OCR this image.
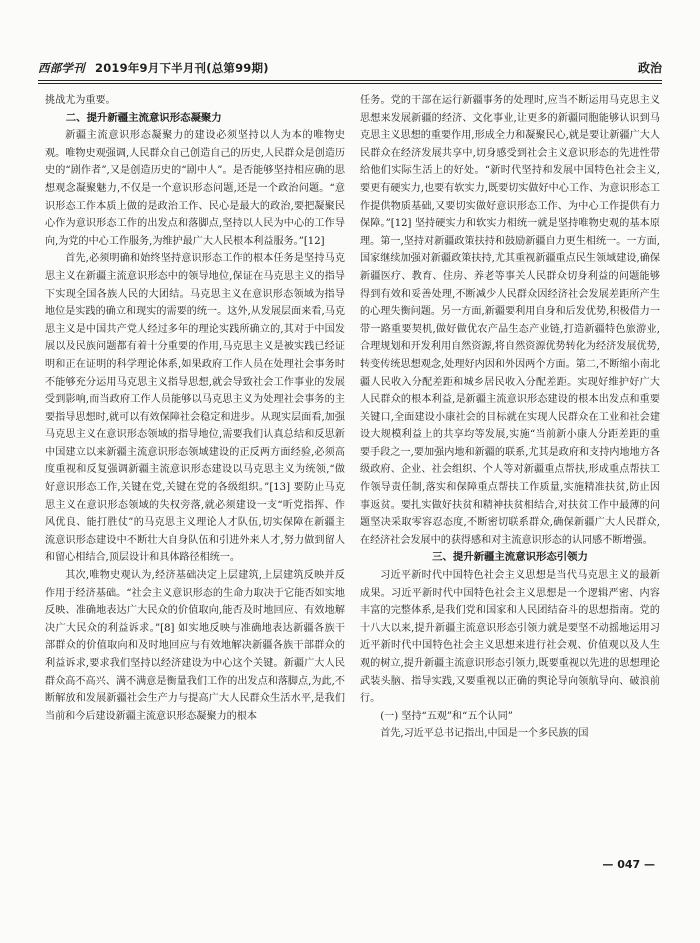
西部学刊 2019年9月下半月刊(总第99期)	政治

挑战尤为重要。

二、提升新疆主流意识形态凝聚力

新疆主流意识形态凝聚力的建设必须坚持以人为本的唯物史观。唯物史观强调,人民群众自己创造自己的历史,人民群众是创造历史的“剧作者”,又是创造历史的“剧中人”。是否能够坚持相应确的思想观念凝聚魅力,不仅是一个意识形态问题,还是一个政治问题。“意识形态工作本质上做的是政治工作、民心是最大的政治,要把凝聚民心作为意识形态工作的出发点和落脚点,坚持以人民为中心的工作导向,为党的中心工作服务,为维护最广大人民根本利益服务。”[12]

首先,必须明确和始终坚持意识形态工作的根本任务是坚持马克思主义在新疆主流意识形态中的领导地位,保证在马克思主义的指导下实现全国各族人民的大团结。马克思主义在意识形态领域为指导地位是实践的确立和现实的需要的统一。这外,从发展层面来看,马克思主义是中国共产党人经过多年的理论实践所确立的,其对于中国发展以及民族问题都有着十分重要的作用,马克思主义是被实践已经证明和正在证明的科学理论体系,如果政府工作人员在处理社会事务时不能够充分运用马克思主义指导思想,就会导致社会工作事业的发展受到影响,而当政府工作人员能够以马克思主义为处理社会事务的主要指导思想时,就可以有效保障社会稳定和进步。从现实层面看,加强马克思主义在意识形态领域的指导地位,需要我们认真总结和反思新中国建立以来新疆主流意识形态领域建设的正反两方面经验,必须高度重视和反复强调新疆主流意识形态建设以马克思主义为统领,“做好意识形态工作,关键在党,关键在党的各级组织。”[13] 要防止马克思主义在意识形态领域的失权旁落,就必须建设一支“听党指挥、作风优良、能打胜仗”的马克思主义理论人才队伍,切实保障在新疆主流意识形态建设中不断壮大自身队伍和引进外来人才,努力做到留人和留心相结合,顶层设计和具体路径相统一。

其次,唯物史观认为,经济基础决定上层建筑,上层建筑反映并反作用于经济基础。“社会主义意识形态的生命力取决于它能否如实地反映、准确地表达广大民众的价值取向,能否及时地回应、有效地解决广大民众的利益诉求。”[8] 如实地反映与准确地表达新疆各族干部群众的价值取向和及时地回应与有效地解决新疆各族干部群众的利益诉求,要求我们坚持以经济建设为中心这个关键。新疆广大人民群众高不高兴、满不满意是衡量我们工作的出发点和落脚点,为此,不断解放和发展新疆社会生产力与提高广大人民群众生活水平,是我们当前和今后建设新疆主流意识形态凝聚力的根本

任务。党的干部在运行新疆事务的处理时,应当不断运用马克思主义思想来发展新疆的经济、文化事业,让更多的新疆同胞能够认识到马克思主义思想的重要作用,形成全力和凝聚民心,就是要让新疆广大人民群众在经济发展共享中,切身感受到社会主义意识形态的先进性带给他们实际生活上的好处。“新时代坚持和发展中国特色社会主义,要更有硬实力,也要有软实力,既要切实做好中心工作、为意识形态工作提供物质基础,又要切实做好意识形态工作、为中心工作提供有力保障。”[12] 坚持硬实力和软实力相统一就是坚持唯物史观的基本原理。第一,坚持对新疆政策扶持和鼓励新疆自力更生相统一。一方面,国家继续加强对新疆政策扶持,尤其重视新疆重点民生领域建设,确保新疆医疗、教育、住房、养老等事关人民群众切身利益的问题能够得到有效和妥善处理,不断减少人民群众因经济社会发展差距所产生的心理失衡问题。另一方面,新疆要利用自身和后发优势,积极借力一带一路重要契机,做好做优农产品生态产业链,打造新疆特色旅游业,合理规划和开发利用自然资源,将自然资源优势转化为经济发展优势,转变传统思想观念,处理好内因和外因两个方面。第二,不断缩小南北疆人民收入分配差距和城乡居民收入分配差距。实现好维护好广大人民群众的根本利益,是新疆主流意识形态建设的根本出发点和重要关键口,全面建设小康社会的目标就在实现人民群众在工业和社会建设大规模利益上的共享均等发展,实施“当前新小康人分距差距的重要手段之一,要加强内地和新疆的联系,尤其是政府和支持内地地方各级政府、企业、社会组织、个人等对新疆重点帮扶,形成重点帮扶工作领导责任制,落实和保障重点帮扶工作质量,实施精准扶贫,防止因事返贫。要扎实做好扶贫和精神扶贫相结合,对扶贫工作中最薄的问题坚决采取零容忍态度,不断密切联系群众,确保新疆广大人民群众,在经济社会发展中的获得感和对主流意识形态的认同感不断增强。

三、提升新疆主流意识形态引领力

习近平新时代中国特色社会主义思想是当代马克思主义的最新成果。习近平新时代中国特色社会主义思想是一个逻辑严密、内容丰富的完整体系,是我们党和国家和人民团结奋斗的思想指南。党的十八大以来,提升新疆主流意识形态引领力就是要坚不动摇地运用习近平新时代中国特色社会主义思想来进行社会观、价值观以及人生观的树立,提升新疆主流意识形态引领力,既要重视以先进的思想理论武装头脑、指导实践,又要重视以正确的舆论导向领航导向、破浪前行。

(一) 坚持“五观”和“五个认同”

首先,习近平总书记指出,中国是一个多民族的国

— 047 —
